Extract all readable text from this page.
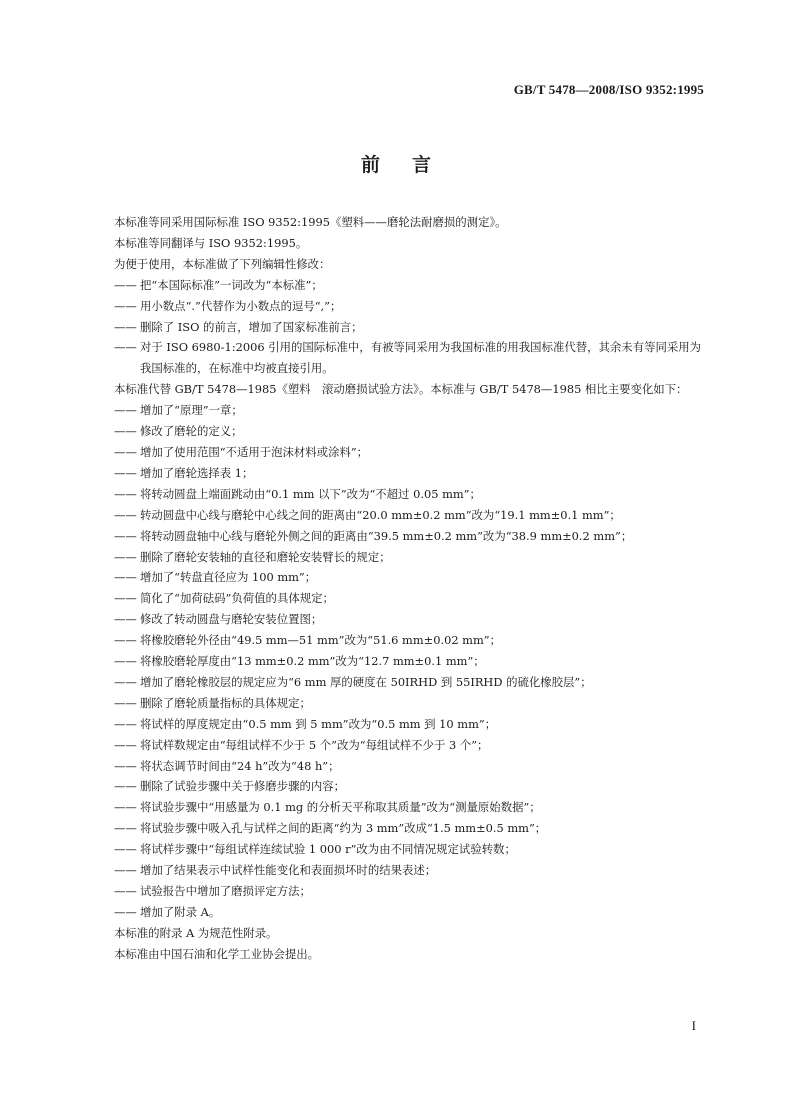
GB/T 5478—2008/ISO 9352:1995
前言

本标准等同采用国际标准 ISO 9352:1995《塑料——磨轮法耐磨损的测定》。

本标准等同翻译与 ISO 9352:1995。

为便于使用，本标准做了下列编辑性修改：

—— 把“本国际标准”一词改为“本标准”；

—— 用小数点“.”代替作为小数点的逗号“,”；

—— 删除了 ISO 的前言，增加了国家标准前言；

—— 对于 ISO 6980-1:2006 引用的国际标准中，有被等同采用为我国标准的用我国标准代替，其余未有等同采用为我国标准的，在标准中均被直接引用。

本标准代替 GB/T 5478—1985《塑料　滚动磨损试验方法》。本标准与 GB/T 5478—1985 相比主要变化如下：

—— 增加了“原理”一章；

—— 修改了磨轮的定义；

—— 增加了使用范围“不适用于泡沫材料或涂料”；

—— 增加了磨轮选择表 1；

—— 将转动圆盘上端面跳动由“0.1 mm 以下”改为“不超过 0.05 mm”；

—— 转动圆盘中心线与磨轮中心线之间的距离由“20.0 mm±0.2 mm”改为“19.1 mm±0.1 mm”；

—— 将转动圆盘轴中心线与磨轮外侧之间的距离由“39.5 mm±0.2 mm”改为“38.9 mm±0.2 mm”；

—— 删除了磨轮安装轴的直径和磨轮安装臂长的规定；

—— 增加了“转盘直径应为 100 mm”；

—— 简化了“加荷砝码”负荷值的具体规定；

—— 修改了转动圆盘与磨轮安装位置图；

—— 将橡胶磨轮外径由“49.5 mm—51 mm”改为“51.6 mm±0.02 mm”；

—— 将橡胶磨轮厚度由“13 mm±0.2 mm”改为“12.7 mm±0.1 mm”；

—— 增加了磨轮橡胶层的规定应为“6 mm 厚的硬度在 50IRHD 到 55IRHD 的硫化橡胶层”；

—— 删除了磨轮质量指标的具体规定；

—— 将试样的厚度规定由“0.5 mm 到 5 mm”改为“0.5 mm 到 10 mm”；

—— 将试样数规定由“每组试样不少于 5 个”改为“每组试样不少于 3 个”；

—— 将状态调节时间由“24 h”改为“48 h”；

—— 删除了试验步骤中关于修磨步骤的内容；

—— 将试验步骤中“用感量为 0.1 mg 的分析天平称取其质量”改为“测量原始数据”；

—— 将试验步骤中吸入孔与试样之间的距离“约为 3 mm”改成“1.5 mm±0.5 mm”；

—— 将试样步骤中“每组试样连续试验 1 000 r”改为由不同情况规定试验转数；

—— 增加了结果表示中试样性能变化和表面损坏时的结果表述；

—— 试验报告中增加了磨损评定方法；

—— 增加了附录 A。

本标准的附录 A 为规范性附录。

本标准由中国石油和化学工业协会提出。

I
